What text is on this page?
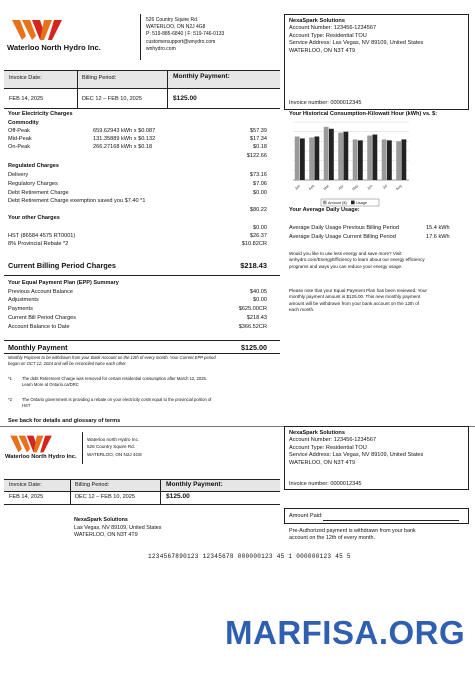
Waterloo North Hydro Inc.
526 Country Squire Rd.
WATERLOO, ON N2J 4G8
P: 519-885-6840 | F: 519-746-0133
customersupport@wnydro.com
wnhydro.com
NexaSpark Solutions
Account Number: 123456-1234567
Account Type: Residential TOU
Service Address: Las Vegas, NV 89109, United States
WATERLOO, ON N3T 4T9
Invoice number: 0000012345
Invoice Date:	Billing Period:	Monthly Payment:
FEB 14, 2025	DEC 12 – FEB 10, 2025	$125.00
Your Electricity Charges
Commodity
Off-Peak	659.62943 kWh x $0.087	$57.39
Mid-Peak	131.35889 kWh x $0.132	$17.34
On-Peak	266.27168 kWh x $0.18	$0.18
$122.66
Regulated Charges
Delivery	$73.16
Regulatory Charges	$7.06
Debt Retirement Charge	$0.00
Debt Retirement Charge exemption saved you $7.40 *1
$80.22
Your other Charges
$0.00
HST (86584 4575 RT0001)	$26.37
8% Provincial Rebate *2	$10.82CR
Current Billing Period Charges	$218.43
Your Equal Payment Plan (EPP) Summary
Previous Account Balance	$40.05
Adjustments	$0.00
Payments	$625.00CR
Current Bill Period Charges	$218.43
Account Balance to Date	$366.52CR
Monthly Payment	$125.00
Monthly Payment to be withdrawn from your Bank Account on the 12th of every month. Your Current EPP period
began on OCT 12, 2024 and will be reconciled twice each other.
*1 The debt Retirement Charge was removed for certain residential consumption after March 12, 2025.
Learn More at Ontario.ca/DRC
*2 The Ontario government is providing a rebate on your electricity costs equal to the provincial portion of
HST
See back for details and glossary of terms
Your Historical Consumption-Kilowatt Hour (kWh) vs. $:
Jan Feb Mar Apr May Jun Jul Aug
Amount ($) Usage
Your Average Daily Usage:
Average Daily Usage Previous Billing Period	15.4 kWh
Average Daily Usage Current Billing Period	17.6 kWh
Would you like to use less energy and save more? Visit
wnhydro.com/EnergyEfficiency to learn about our energy efficiency
programs and ways you can reduce your energy usage.
Please note that your Equal Payment Plan has been reviewed. Your
monthly payment amount is $125.00. This new monthly payment
amount will be withdrawn from your bank account on the 12th of
each month.
Waterloo North Hydro Inc.
Waterloo north Hydro Inc.
526 Country Squire Rd.
WATERLOO, ON N2J 4G8
NexaSpark Solutions
Account Number: 123456-1234567
Account Type: Residential TOU
Service Address: Las Vegas, NV 89109, United States
WATERLOO, ON N3T 4T9
Invoice number: 0000012345
Invoice Date:	Billing Period:	Monthly Payment:
FEB 14, 2025	DEC 12 – FEB 10, 2025	$125.00
NexaSpark Solutions
Las Vegas, NV 89109, United States
WATERLOO, ON N3T 4T9
Amount Paid:
Pre-Authorized payment is withdrawn from your bank
account on the 12th of every month.
1234567890123 12345678 000000123 45 1 000000123 45 5
MARFISA.ORG
